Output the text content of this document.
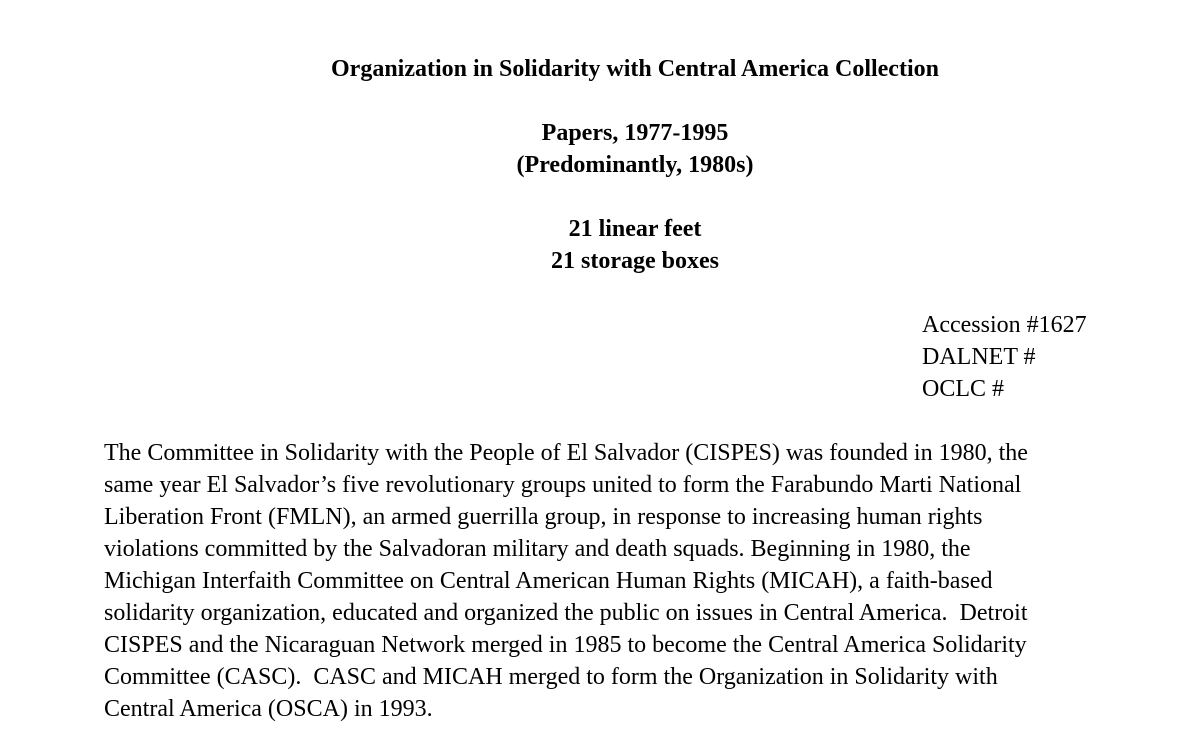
Organization in Solidarity with Central America Collection
Papers, 1977-1995
(Predominantly, 1980s)
21 linear feet
21 storage boxes
Accession #1627
DALNET #
OCLC #
The Committee in Solidarity with the People of El Salvador (CISPES) was founded in 1980, the
same year El Salvador’s five revolutionary groups united to form the Farabundo Marti National
Liberation Front (FMLN), an armed guerrilla group, in response to increasing human rights
violations committed by the Salvadoran military and death squads. Beginning in 1980, the
Michigan Interfaith Committee on Central American Human Rights (MICAH), a faith-based
solidarity organization, educated and organized the public on issues in Central America.  Detroit
CISPES and the Nicaraguan Network merged in 1985 to become the Central America Solidarity
Committee (CASC).  CASC and MICAH merged to form the Organization in Solidarity with
Central America (OSCA) in 1993.
